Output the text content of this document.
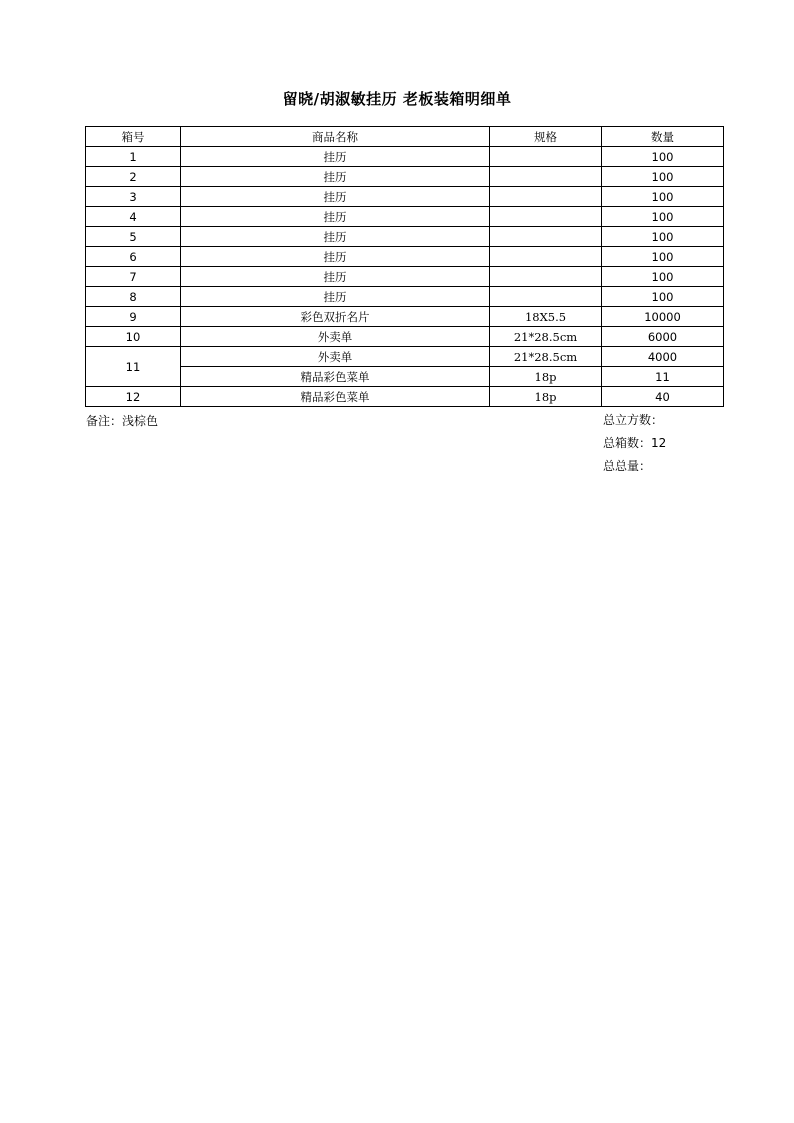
留晓/胡淑敏挂历 老板装箱明细单
箱号	商品名称	规格	数量
1	挂历		100
2	挂历		100
3	挂历		100
4	挂历		100
5	挂历		100
6	挂历		100
7	挂历		100
8	挂历		100
9	彩色双折名片	18X5.5	10000
10	外卖单	21*28.5cm	6000
11	外卖单	21*28.5cm	4000
	精品彩色菜单	18p	11
12	精品彩色菜单	18p	40
备注：浅棕色	总立方数：
总箱数：12
总总量：
